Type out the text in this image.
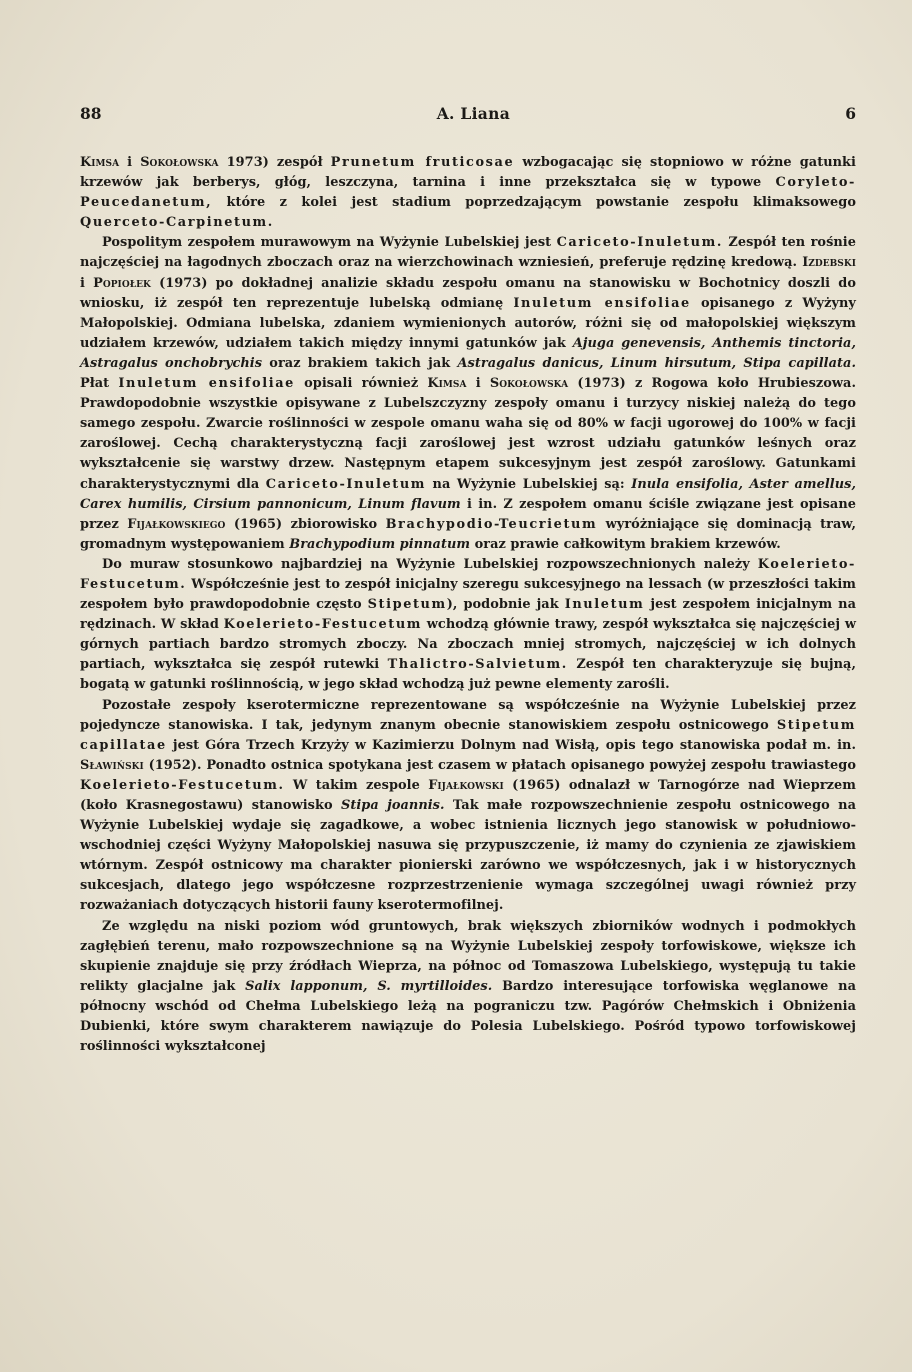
88	A. Liana	6

Kimsa i Sokołowska 1973) zespół Prunetum fruticosae wzbogacając się stopniowo w różne gatunki krzewów jak berberys, głóg, leszczyna, tarnina i inne przekształca się w typowe Coryleto-Peucedanetum, które z kolei jest stadium poprzedzającym powstanie zespołu klimaksowego Querceto-Carpinetum.

Pospolitym zespołem murawowym na Wyżynie Lubelskiej jest Cariceto-Inuletum. Zespół ten rośnie najczęściej na łagodnych zboczach oraz na wierzchowinach wzniesień, preferuje rędzinę kredową. Izdebski i Popiołek (1973) po dokładnej analizie składu zespołu omanu na stanowisku w Bochotnicy doszli do wniosku, iż zespół ten reprezentuje lubelską odmianę Inuletum ensifoliae opisanego z Wyżyny Małopolskiej. Odmiana lubelska, zdaniem wymienionych autorów, różni się od małopolskiej większym udziałem krzewów, udziałem takich między innymi gatunków jak Ajuga genevensis, Anthemis tinctoria, Astragalus onchobrychis oraz brakiem takich jak Astragalus danicus, Linum hirsutum, Stipa capillata. Płat Inuletum ensifoliae opisali również Kimsa i Sokołowska (1973) z Rogowa koło Hrubieszowa. Prawdopodobnie wszystkie opisywane z Lubelszczyzny zespoły omanu i turzycy niskiej należą do tego samego zespołu. Zwarcie roślinności w zespole omanu waha się od 80% w facji ugorowej do 100% w facji zaroślowej. Cechą charakterystyczną facji zaroślowej jest wzrost udziału gatunków leśnych oraz wykształcenie się warstwy drzew. Następnym etapem sukcesyjnym jest zespół zaroślowy. Gatunkami charakterystycznymi dla Cariceto-Inuletum na Wyżynie Lubelskiej są: Inula ensifolia, Aster amellus, Carex humilis, Cirsium pannonicum, Linum flavum i in. Z zespołem omanu ściśle związane jest opisane przez Fijałkowskiego (1965) zbiorowisko Brachypodio-Teucrietum wyróżniające się dominacją traw, gromadnym występowaniem Brachypodium pinnatum oraz prawie całkowitym brakiem krzewów.

Do muraw stosunkowo najbardziej na Wyżynie Lubelskiej rozpowszechnionych należy Koelerieto-Festucetum. Współcześnie jest to zespół inicjalny szeregu sukcesyjnego na lessach (w przeszłości takim zespołem było prawdopodobnie często Stipetum), podobnie jak Inuletum jest zespołem inicjalnym na rędzinach. W skład Koelerieto-Festucetum wchodzą głównie trawy, zespół wykształca się najczęściej w górnych partiach bardzo stromych zboczy. Na zboczach mniej stromych, najczęściej w ich dolnych partiach, wykształca się zespół rutewki Thalictro-Salvietum. Zespół ten charakteryzuje się bujną, bogatą w gatunki roślinnością, w jego skład wchodzą już pewne elementy zarośli.

Pozostałe zespoły kserotermiczne reprezentowane są współcześnie na Wyżynie Lubelskiej przez pojedyncze stanowiska. I tak, jedynym znanym obecnie stanowiskiem zespołu ostnicowego Stipetum capillatae jest Góra Trzech Krzyży w Kazimierzu Dolnym nad Wisłą, opis tego stanowiska podał m. in. Sławiński (1952). Ponadto ostnica spotykana jest czasem w płatach opisanego powyżej zespołu trawiastego Koelerieto-Festucetum. W takim zespole Fijałkowski (1965) odnalazł w Tarnogórze nad Wieprzem (koło Krasnegostawu) stanowisko Stipa joannis. Tak małe rozpowszechnienie zespołu ostnicowego na Wyżynie Lubelskiej wydaje się zagadkowe, a wobec istnienia licznych jego stanowisk w południowo-wschodniej części Wyżyny Małopolskiej nasuwa się przypuszczenie, iż mamy do czynienia ze zjawiskiem wtórnym. Zespół ostnicowy ma charakter pionierski zarówno we współczesnych, jak i w historycznych sukcesjach, dlatego jego współczesne rozprzestrzenienie wymaga szczególnej uwagi również przy rozważaniach dotyczących historii fauny kserotermofilnej.

Ze względu na niski poziom wód gruntowych, brak większych zbiorników wodnych i podmokłych zagłębień terenu, mało rozpowszechnione są na Wyżynie Lubelskiej zespoły torfowiskowe, większe ich skupienie znajduje się przy źródłach Wieprza, na północ od Tomaszowa Lubelskiego, występują tu takie relikty glacjalne jak Salix lapponum, S. myrtilloides. Bardzo interesujące torfowiska węglanowe na północny wschód od Chełma Lubelskiego leżą na pograniczu tzw. Pagórów Chełmskich i Obniżenia Dubienki, które swym charakterem nawiązuje do Polesia Lubelskiego. Pośród typowo torfowiskowej roślinności wykształconej
